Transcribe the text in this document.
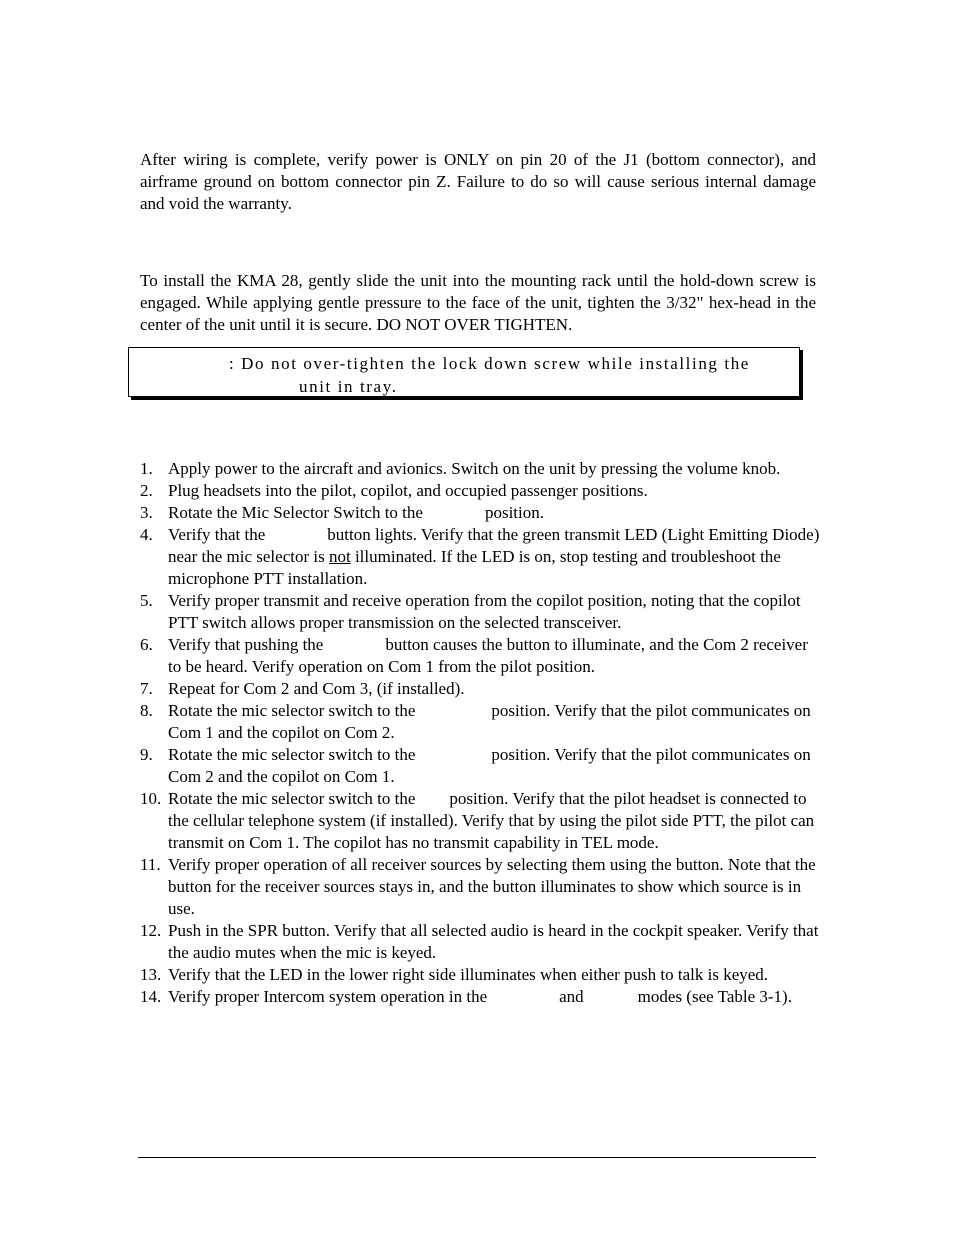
After wiring is complete, verify power is ONLY on pin 20 of the J1 (bottom connector), and airframe ground on bottom connector pin Z. Failure to do so will cause serious internal damage and void the warranty.

To install the KMA 28, gently slide the unit into the mounting rack until the hold-down screw is engaged. While applying gentle pressure to the face of the unit, tighten the 3/32" hex-head in the center of the unit until it is secure. DO NOT OVER TIGHTEN.

: Do not over-tighten the lock down screw while installing the
unit in tray.
1. Apply power to the aircraft and avionics. Switch on the unit by pressing the volume knob.
2. Plug headsets into the pilot, copilot, and occupied passenger positions.
3. Rotate the Mic Selector Switch to the	position.
4. Verify that the	button lights. Verify that the green transmit LED (Light Emitting Diode) near the mic selector is not illuminated. If the LED is on, stop testing and troubleshoot the microphone PTT installation.
5. Verify proper transmit and receive operation from the copilot position, noting that the copilot PTT switch allows proper transmission on the selected transceiver.
6. Verify that pushing the	button causes the button to illuminate, and the Com 2 receiver to be heard. Verify operation on Com 1 from the pilot position.
7. Repeat for Com 2 and Com 3, (if installed).
8. Rotate the mic selector switch to the	position. Verify that the pilot communicates on Com 1 and the copilot on Com 2.
9. Rotate the mic selector switch to the	position. Verify that the pilot communicates on Com 2 and the copilot on Com 1.
10. Rotate the mic selector switch to the position. Verify that the pilot headset is connected to the cellular telephone system (if installed). Verify that by using the pilot side PTT, the pilot can transmit on Com 1. The copilot has no transmit capability in TEL mode.
11. Verify proper operation of all receiver sources by selecting them using the button. Note that the button for the receiver sources stays in, and the button illuminates to show which source is in use.
12. Push in the SPR button. Verify that all selected audio is heard in the cockpit speaker. Verify that the audio mutes when the mic is keyed.
13. Verify that the LED in the lower right side illuminates when either push to talk is keyed.
14. Verify proper Intercom system operation in the	and	modes (see Table 3-1).
